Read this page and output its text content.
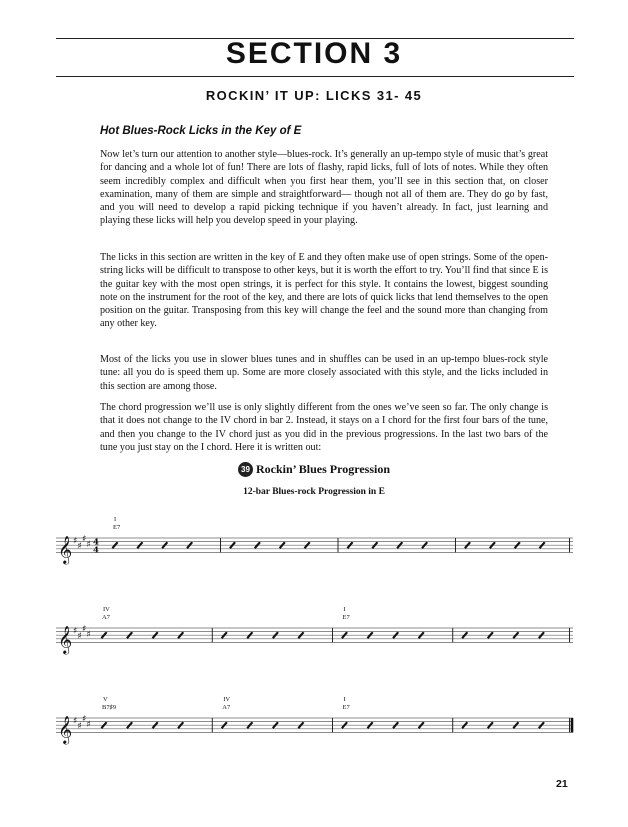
SECTION 3
ROCKIN’ IT UP: LICKS 31- 45
Hot Blues-Rock Licks in the Key of E

Now let’s turn our attention to another style—blues-rock. It’s generally an up-tempo style of music that’s great for dancing and a whole lot of fun! There are lots of flashy, rapid licks, full of lots of notes. While they often seem incredibly complex and difficult when you first hear them, you’ll see in this section that, on closer examination, many of them are simple and straightforward— though not all of them are. They do go by fast, and you will need to develop a rapid picking technique if you haven’t already. In fact, just learning and playing these licks will help you develop speed in your playing.

The licks in this section are written in the key of E and they often make use of open strings. Some of the open-string licks will be difficult to transpose to other keys, but it is worth the effort to try. You’ll find that since E is the guitar key with the most open strings, it is perfect for this style. It contains the lowest, biggest sounding note on the instrument for the root of the key, and there are lots of quick licks that lend themselves to the open position on the guitar. Transposing from this key will change the feel and the sound more than changing from any other key.

Most of the licks you use in slower blues tunes and in shuffles can be used in an up-tempo blues-rock style tune: all you do is speed them up. Some are more closely associated with this style, and the licks included in this section are among those.

The chord progression we’ll use is only slightly different from the ones we’ve seen so far. The only change is that it does not change to the IV chord in bar 2. Instead, it stays on a I chord for the first four bars of the tune, and then you change to the IV chord just as you did in the previous progressions. In the last two bars of the tune you just stay on the I chord. Here it is written out:

39 Rockin’ Blues Progression
12-bar Blues-rock Progression in E
𝄞 ♯
♯
♯
♯ 4
4
I
E7
𝄞 ♯
♯
♯
♯
IV
A7
I
E7
𝄞 ♯
♯
♯
♯
V
B7♯9
IV
A7
I
E7
21
